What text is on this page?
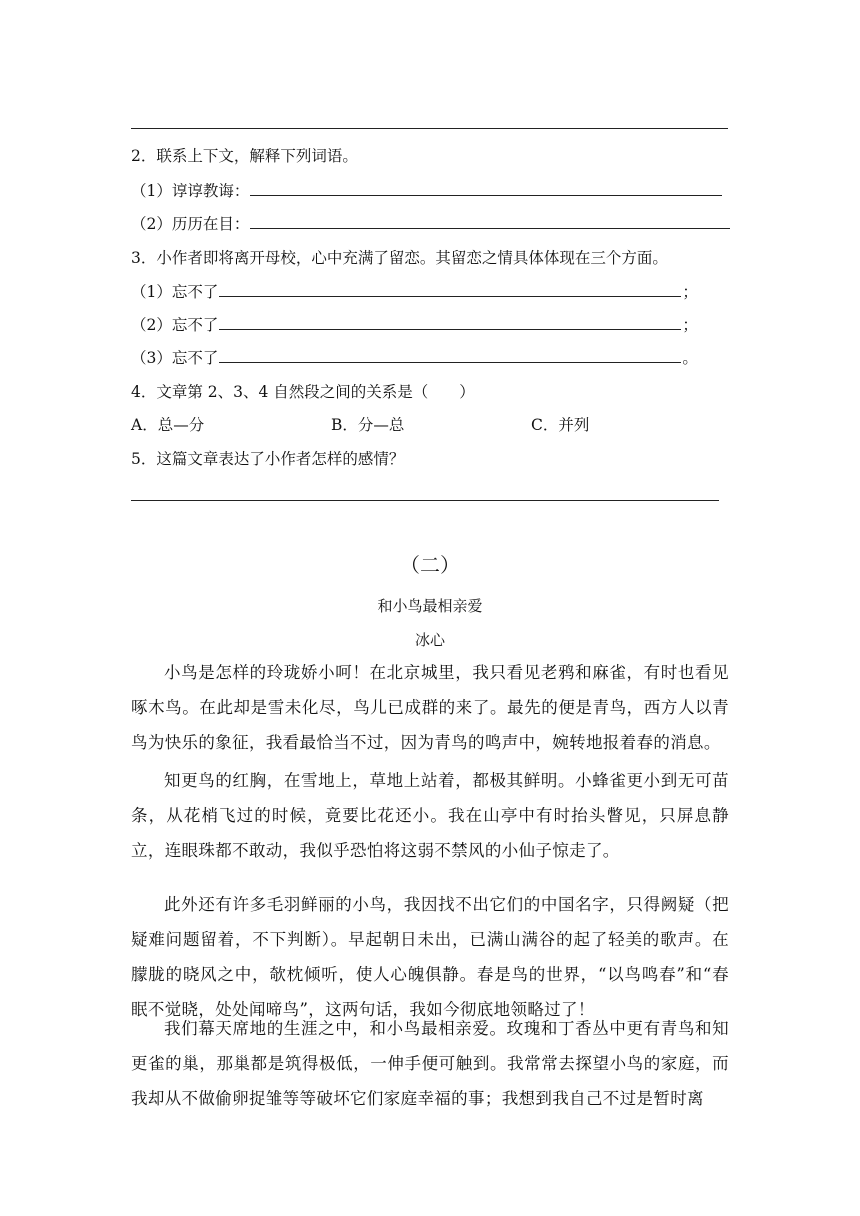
2．联系上下文，解释下列词语。
（1）谆谆教诲：
（2）历历在目：
3．小作者即将离开母校，心中充满了留恋。其留恋之情具体体现在三个方面。
（1）忘不了	；
（2）忘不了	；
（3）忘不了	。
4．文章第 2、3、4 自然段之间的关系是（　　）
A．总—分	B．分—总	C．并列
5．这篇文章表达了小作者怎样的感情？
（二）
和小鸟最相亲爱
冰心
小鸟是怎样的玲珑娇小呵！在北京城里，我只看见老鸦和麻雀，有时也看见啄木鸟。在此却是雪未化尽，鸟儿已成群的来了。最先的便是青鸟，西方人以青鸟为快乐的象征，我看最恰当不过，因为青鸟的鸣声中，婉转地报着春的消息。
知更鸟的红胸，在雪地上，草地上站着，都极其鲜明。小蜂雀更小到无可苗条，从花梢飞过的时候，竟要比花还小。我在山亭中有时抬头瞥见，只屏息静立，连眼珠都不敢动，我似乎恐怕将这弱不禁风的小仙子惊走了。
此外还有许多毛羽鲜丽的小鸟，我因找不出它们的中国名字，只得阙疑（把疑难问题留着，不下判断）。早起朝日未出，已满山满谷的起了轻美的歌声。在朦胧的晓风之中，欹枕倾听，使人心魄俱静。春是鸟的世界，“以鸟鸣春”和“春眠不觉晓，处处闻啼鸟”，这两句话，我如今彻底地领略过了！
我们幕天席地的生涯之中，和小鸟最相亲爱。玫瑰和丁香丛中更有青鸟和知更雀的巢，那巢都是筑得极低，一伸手便可触到。我常常去探望小鸟的家庭，而我却从不做偷卵捉雏等等破坏它们家庭幸福的事；我想到我自己不过是暂时离
